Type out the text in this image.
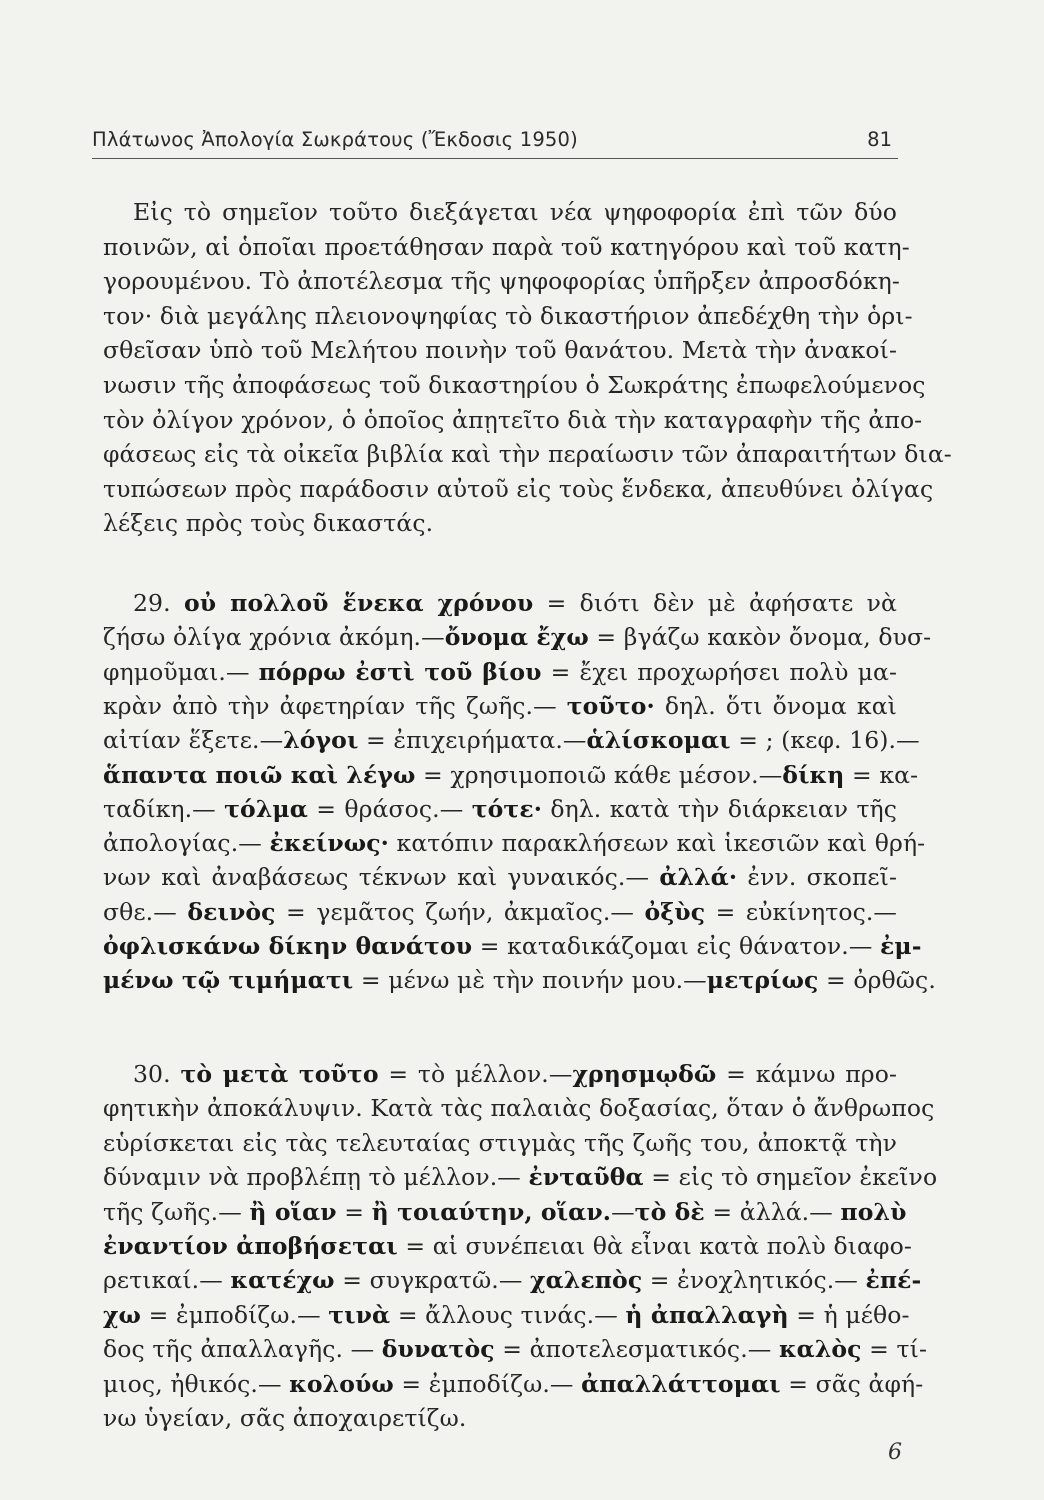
Πλάτωνος Ἀπολογία Σωκράτους (Ἔκδοσις 1950)	81
Εἰς τὸ σημεῖον τοῦτο διεξάγεται νέα ψηφοφορία ἐπὶ τῶν δύο
ποινῶν, αἱ ὁποῖαι προετάθησαν παρὰ τοῦ κατηγόρου καὶ τοῦ κατη-
γορουμένου. Τὸ ἀποτέλεσμα τῆς ψηφοφορίας ὑπῆρξεν ἀπροσδόκη-
τον· διὰ μεγάλης πλειονοψηφίας τὸ δικαστήριον ἀπεδέχθη τὴν ὁρι-
σθεῖσαν ὑπὸ τοῦ Μελήτου ποινὴν τοῦ θανάτου. Μετὰ τὴν ἀνακοί-
νωσιν τῆς ἀποφάσεως τοῦ δικαστηρίου ὁ Σωκράτης ἐπωφελούμενος
τὸν ὀλίγον χρόνον, ὁ ὁποῖος ἀπῃτεῖτο διὰ τὴν καταγραφὴν τῆς ἀπο-
φάσεως εἰς τὰ οἰκεῖα βιβλία καὶ τὴν περαίωσιν τῶν ἀπαραιτήτων δια-
τυπώσεων πρὸς παράδοσιν αὐτοῦ εἰς τοὺς ἕνδεκα, ἀπευθύνει ὀλίγας
λέξεις πρὸς τοὺς δικαστάς.
29. οὐ πολλοῦ ἕνεκα χρόνου = διότι δὲν μὲ ἀφήσατε νὰ
ζήσω ὀλίγα χρόνια ἀκόμη.—ὄνομα ἔχω = βγάζω κακὸν ὄνομα, δυσ-
φημοῦμαι.— πόρρω ἐστὶ τοῦ βίου = ἔχει προχωρήσει πολὺ μα-
κρὰν ἀπὸ τὴν ἀφετηρίαν τῆς ζωῆς.— τοῦτο· δηλ. ὅτι ὄνομα καὶ
αἰτίαν ἕξετε.—λόγοι = ἐπιχειρήματα.—ἁλίσκομαι = ; (κεφ. 16).—
ἅπαντα ποιῶ καὶ λέγω = χρησιμοποιῶ κάθε μέσον.—δίκη = κα-
ταδίκη.— τόλμα = θράσος.— τότε· δηλ. κατὰ τὴν διάρκειαν τῆς
ἀπολογίας.— ἐκείνως· κατόπιν παρακλήσεων καὶ ἱκεσιῶν καὶ θρή-
νων καὶ ἀναβάσεως τέκνων καὶ γυναικός.— ἀλλά· ἐνν. σκοπεῖ-
σθε.— δεινὸς = γεμᾶτος ζωήν, ἀκμαῖος.— ὀξὺς = εὐκίνητος.—
ὀφλισκάνω δίκην θανάτου = καταδικάζομαι εἰς θάνατον.— ἐμ-
μένω τῷ τιμήματι = μένω μὲ τὴν ποινήν μου.—μετρίως = ὀρθῶς.
30. τὸ μετὰ τοῦτο = τὸ μέλλον.—χρησμῳδῶ = κάμνω προ-
φητικὴν ἀποκάλυψιν. Κατὰ τὰς παλαιὰς δοξασίας, ὅταν ὁ ἄνθρωπος
εὑρίσκεται εἰς τὰς τελευταίας στιγμὰς τῆς ζωῆς του, ἀποκτᾷ τὴν
δύναμιν νὰ προβλέπῃ τὸ μέλλον.— ἐνταῦθα = εἰς τὸ σημεῖον ἐκεῖνο
τῆς ζωῆς.— ἢ οἵαν = ἢ τοιαύτην, οἵαν.—τὸ δὲ = ἀλλά.— πολὺ
ἐναντίον ἀποβήσεται = αἱ συνέπειαι θὰ εἶναι κατὰ πολὺ διαφο-
ρετικαί.— κατέχω = συγκρατῶ.— χαλεπὸς = ἐνοχλητικός.— ἐπέ-
χω = ἐμποδίζω.— τινὰ = ἄλλους τινάς.— ἡ ἀπαλλαγὴ = ἡ μέθο-
δος τῆς ἀπαλλαγῆς. — δυνατὸς = ἀποτελεσματικός.— καλὸς = τί-
μιος, ἠθικός.— κολούω = ἐμποδίζω.— ἀπαλλάττομαι = σᾶς ἀφή-
νω ὑγείαν, σᾶς ἀποχαιρετίζω.
6
